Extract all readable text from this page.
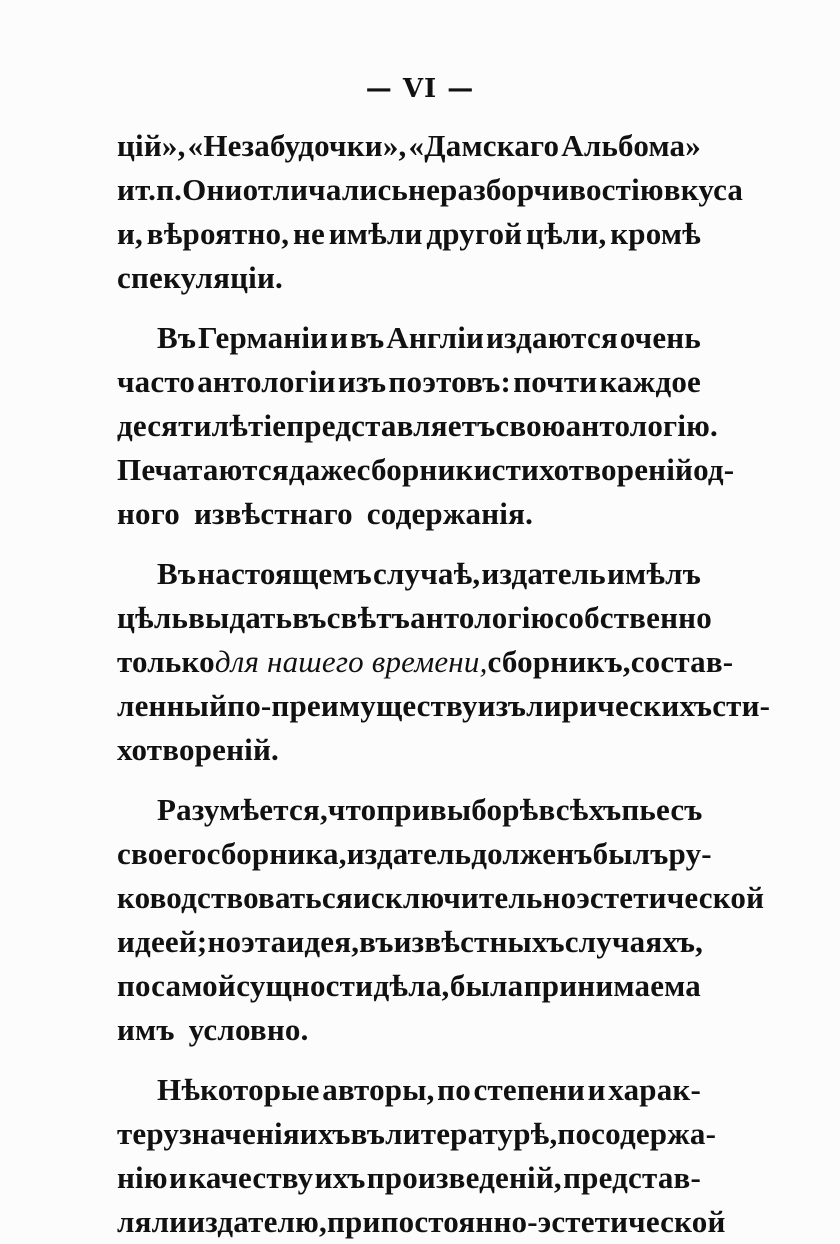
— VI —
цій», «Незабудочки», «Дамскаго Альбома»
и т. п. Они отличались неразборчивостію вкуса
и, вѣроятно, не имѣли другой цѣли, кромѣ
спекуляціи.
Въ Германіи и въ Англіи издаются очень
часто антологіи изъ поэтовъ: почти каждое
десятилѣтіе представляетъ свою антологію.
Печатаются даже сборники стихотвореній од-
ного извѣстнаго содержанія.
Въ настоящемъ случаѣ, издатель имѣлъ
цѣль выдать въ свѣтъ антологію собственно
только для нашего времени, сборникъ, состав-
ленный по-преимуществу изъ лирическихъ сти-
хотвореній.
Разумѣется, что при выборѣ всѣхъ пьесъ
своего сборника, издатель долженъ былъ ру-
ководствоваться исключительно эстетической
идеей; но эта идея, въ извѣстныхъ случаяхъ,
по самой сущности дѣла, была принимаема
имъ условно.
Нѣкоторые авторы, по степени и харак-
теру значенія ихъ въ литературѣ, по содержа-
нію и качеству ихъ произведеній, представ-
ляли издателю, при постоянно-эстетической
